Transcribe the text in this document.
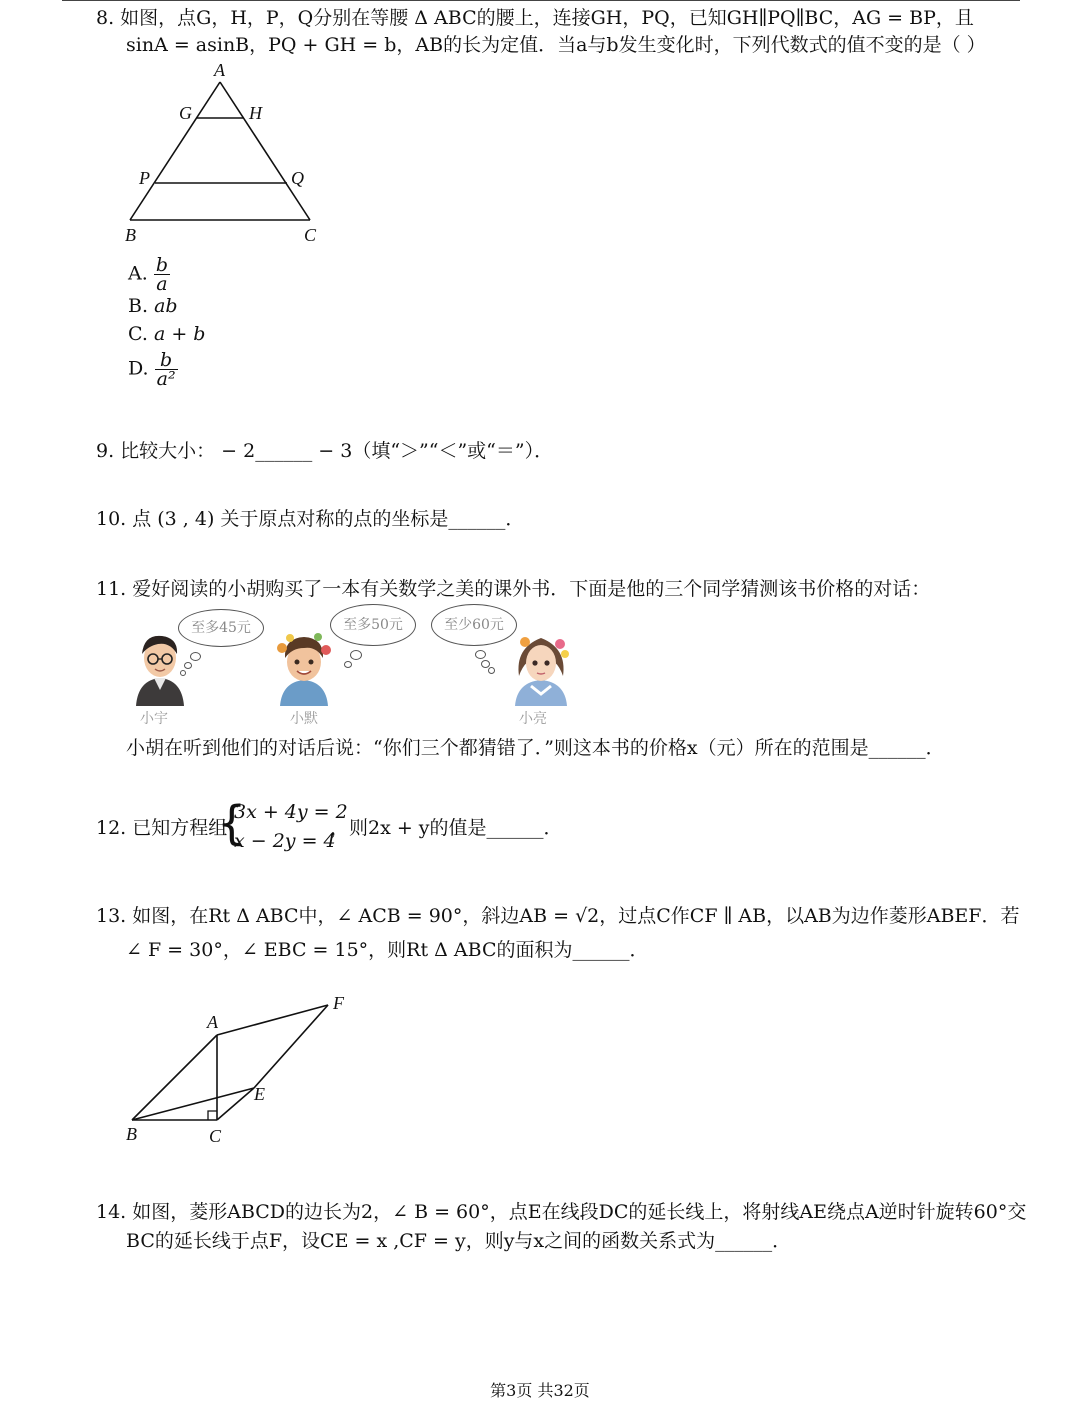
8. 如图，点G，H，P，Q分别在等腰 Δ ABC的腰上，连接GH，PQ，已知GH∥PQ∥BC，AG = BP，且
sinA = asinB，PQ + GH = b，AB的长为定值．当a与b发生变化时，下列代数式的值不变的是（ ）
A
G	H
P	Q
B	C
A. $\frac{b}{a}$
B. ab
C. a + b
D. $\frac{b}{\text{a²}}$
9. 比较大小： − 2______ − 3（填“＞”“＜”或“＝”）．
10. 点 (3 , 4) 关于原点对称的点的坐标是______．
11. 爱好阅读的小胡购买了一本有关数学之美的课外书．下面是他的三个同学猜测该书价格的对话：
至多45元	至多50元	至少60元
小宇	小默	小亮
小胡在听到他们的对话后说：“你们三个都猜错了．”则这本书的价格x（元）所在的范围是______．
12. 已知方程组
{
3x + 4y = 2
x − 2y = 4
，则2x + y的值是______．
13. 如图，在Rt Δ ABC中，∠ ACB = 90°，斜边AB = √2，过点C作CF ∥ AB，以AB为边作菱形ABEF．若
∠ F = 30°，∠ EBC = 15°，则Rt Δ ABC的面积为______．
A
F
E
B	C
14. 如图，菱形ABCD的边长为2，∠ B = 60°，点E在线段DC的延长线上，将射线AE绕点A逆时针旋转60°交
BC的延长线于点F，设CE = x ,CF = y，则y与x之间的函数关系式为______．
第3页 共32页
